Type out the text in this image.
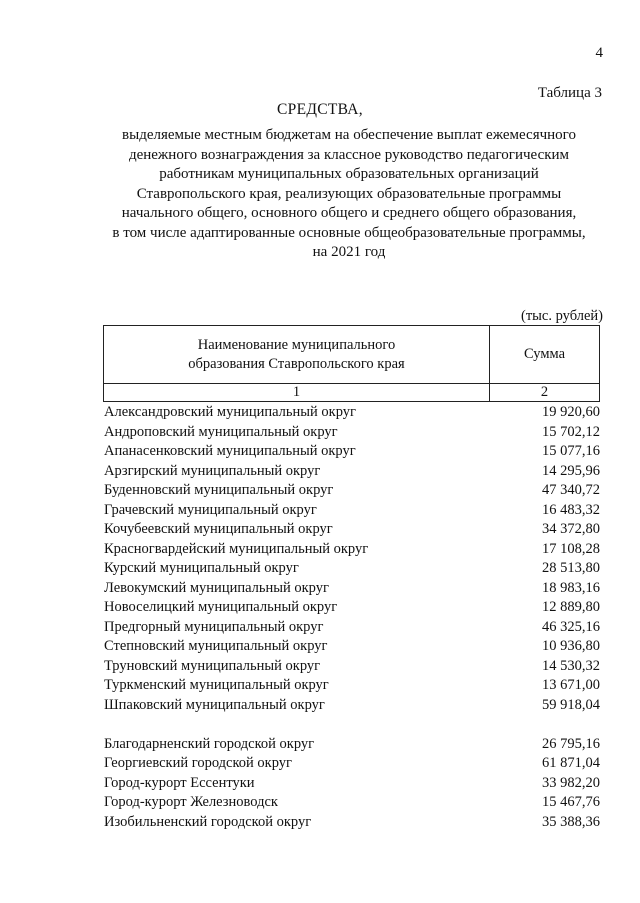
4
Таблица 3
СРЕДСТВА,
выделяемые местным бюджетам на обеспечение выплат ежемесячного
денежного вознаграждения за классное руководство педагогическим
работникам муниципальных образовательных организаций
Ставропольского края, реализующих образовательные программы
начального общего, основного общего и среднего общего образования,
в том числе адаптированные основные общеобразовательные программы,
на 2021 год
(тыс. рублей)
Наименование муниципального
образования Ставропольского края	Сумма
1	2
Александровский муниципальный округ	19 920,60
Андроповский муниципальный округ	15 702,12
Апанасенковский муниципальный округ	15 077,16
Арзгирский муниципальный округ	14 295,96
Буденновский муниципальный округ	47 340,72
Грачевский муниципальный округ	16 483,32
Кочубеевский муниципальный округ	34 372,80
Красногвардейский муниципальный округ	17 108,28
Курский муниципальный округ	28 513,80
Левокумский муниципальный округ	18 983,16
Новоселицкий муниципальный округ	12 889,80
Предгорный муниципальный округ	46 325,16
Степновский муниципальный округ	10 936,80
Труновский муниципальный округ	14 530,32
Туркменский муниципальный округ	13 671,00
Шпаковский муниципальный округ	59 918,04
Благодарненский городской округ	26 795,16
Георгиевский городской округ	61 871,04
Город-курорт Ессентуки	33 982,20
Город-курорт Железноводск	15 467,76
Изобильненский городской округ	35 388,36
